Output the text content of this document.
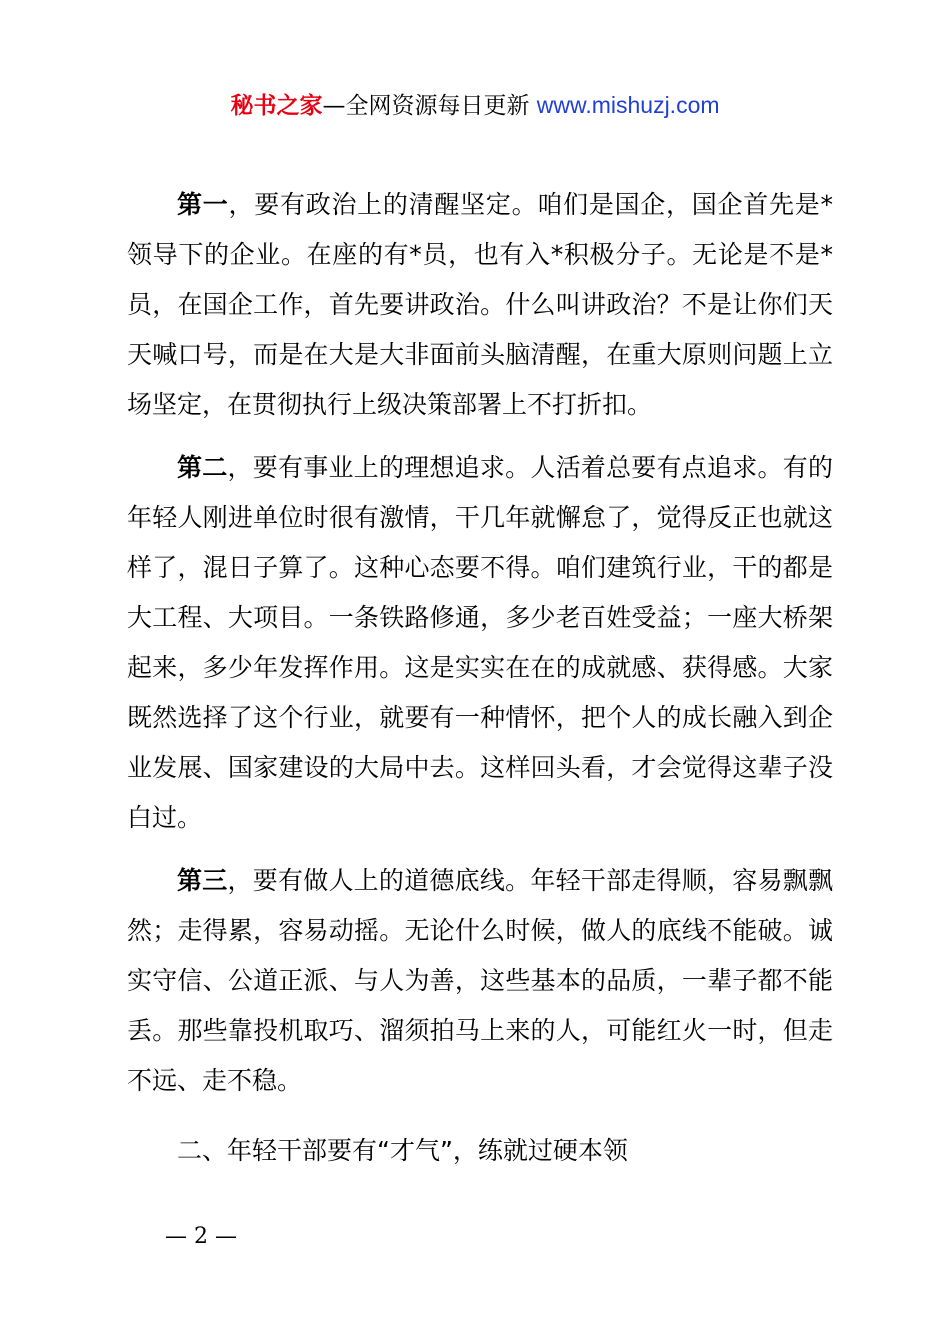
秘书之家—全网资源每日更新 www.mishuzj.com

第一，要有政治上的清醒坚定。咱们是国企，国企首先是*领导下的企业。在座的有*员，也有入*积极分子。无论是不是*员，在国企工作，首先要讲政治。什么叫讲政治？不是让你们天天喊口号，而是在大是大非面前头脑清醒，在重大原则问题上立场坚定，在贯彻执行上级决策部署上不打折扣。

第二，要有事业上的理想追求。人活着总要有点追求。有的年轻人刚进单位时很有激情，干几年就懈怠了，觉得反正也就这样了，混日子算了。这种心态要不得。咱们建筑行业，干的都是大工程、大项目。一条铁路修通，多少老百姓受益；一座大桥架起来，多少年发挥作用。这是实实在在的成就感、获得感。大家既然选择了这个行业，就要有一种情怀，把个人的成长融入到企业发展、国家建设的大局中去。这样回头看，才会觉得这辈子没白过。

第三，要有做人上的道德底线。年轻干部走得顺，容易飘飘然；走得累，容易动摇。无论什么时候，做人的底线不能破。诚实守信、公道正派、与人为善，这些基本的品质，一辈子都不能丢。那些靠投机取巧、溜须拍马上来的人，可能红火一时，但走不远、走不稳。

二、年轻干部要有“才气”，练就过硬本领

— 2 —
